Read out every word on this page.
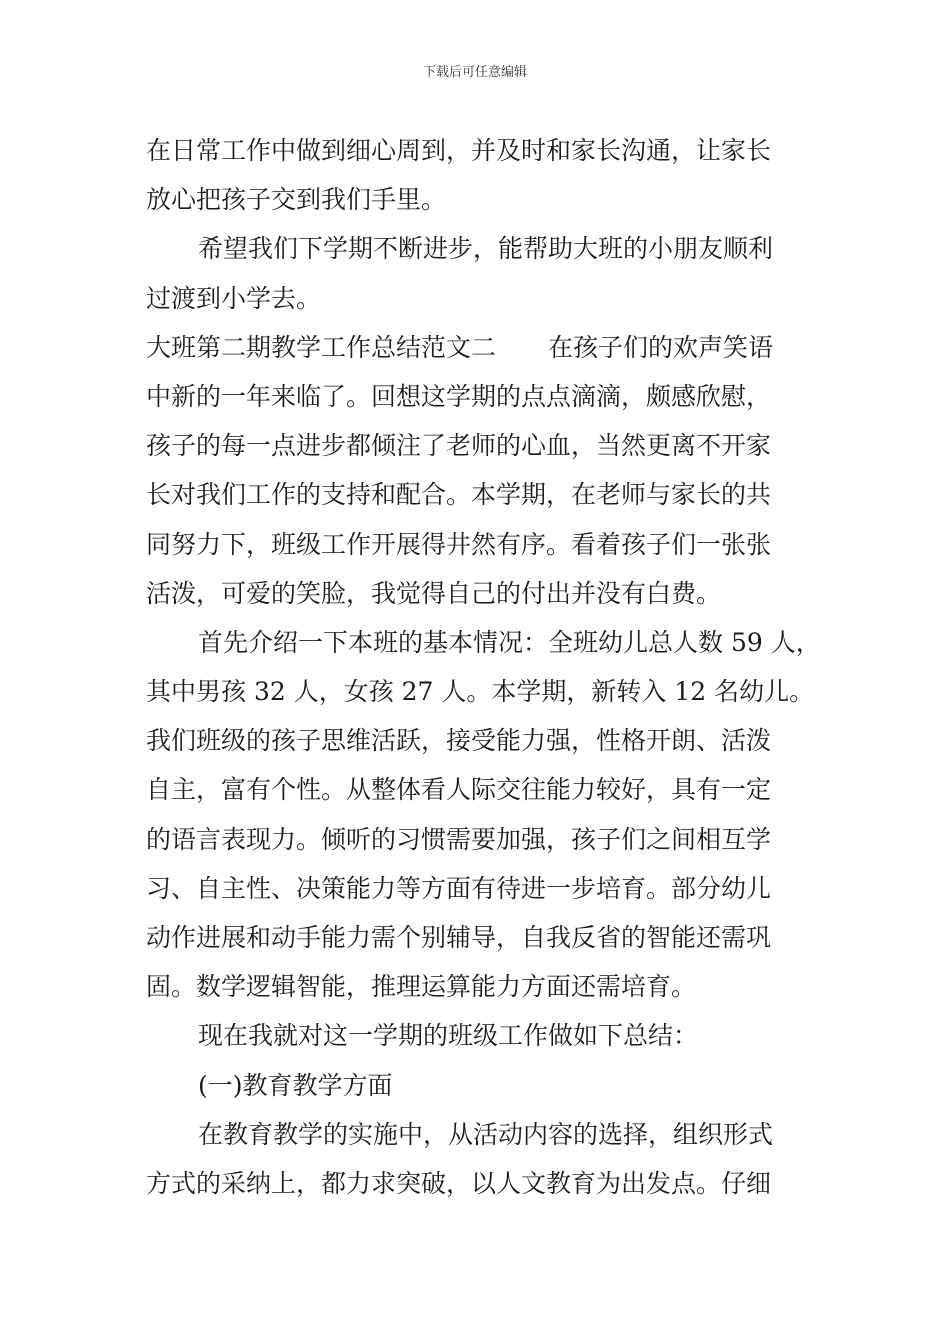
下载后可任意编辑
在日常工作中做到细心周到，并及时和家长沟通，让家长
放心把孩子交到我们手里。
希望我们下学期不断进步，能帮助大班的小朋友顺利
过渡到小学去。
大班第二期教学工作总结范文二 在孩子们的欢声笑语
中新的一年来临了。回想这学期的点点滴滴，颇感欣慰，
孩子的每一点进步都倾注了老师的心血，当然更离不开家
长对我们工作的支持和配合。本学期，在老师与家长的共
同努力下，班级工作开展得井然有序。看着孩子们一张张
活泼，可爱的笑脸，我觉得自己的付出并没有白费。
首先介绍一下本班的基本情况：全班幼儿总人数 59 人，
其中男孩 32 人，女孩 27 人。本学期，新转入 12 名幼儿。
我们班级的孩子思维活跃，接受能力强，性格开朗、活泼
自主，富有个性。从整体看人际交往能力较好，具有一定
的语言表现力。倾听的习惯需要加强，孩子们之间相互学
习、自主性、决策能力等方面有待进一步培育。部分幼儿
动作进展和动手能力需个别辅导，自我反省的智能还需巩
固。数学逻辑智能，推理运算能力方面还需培育。
现在我就对这一学期的班级工作做如下总结：
(一)教育教学方面
在教育教学的实施中，从活动内容的选择，组织形式
方式的采纳上，都力求突破，以人文教育为出发点。仔细
